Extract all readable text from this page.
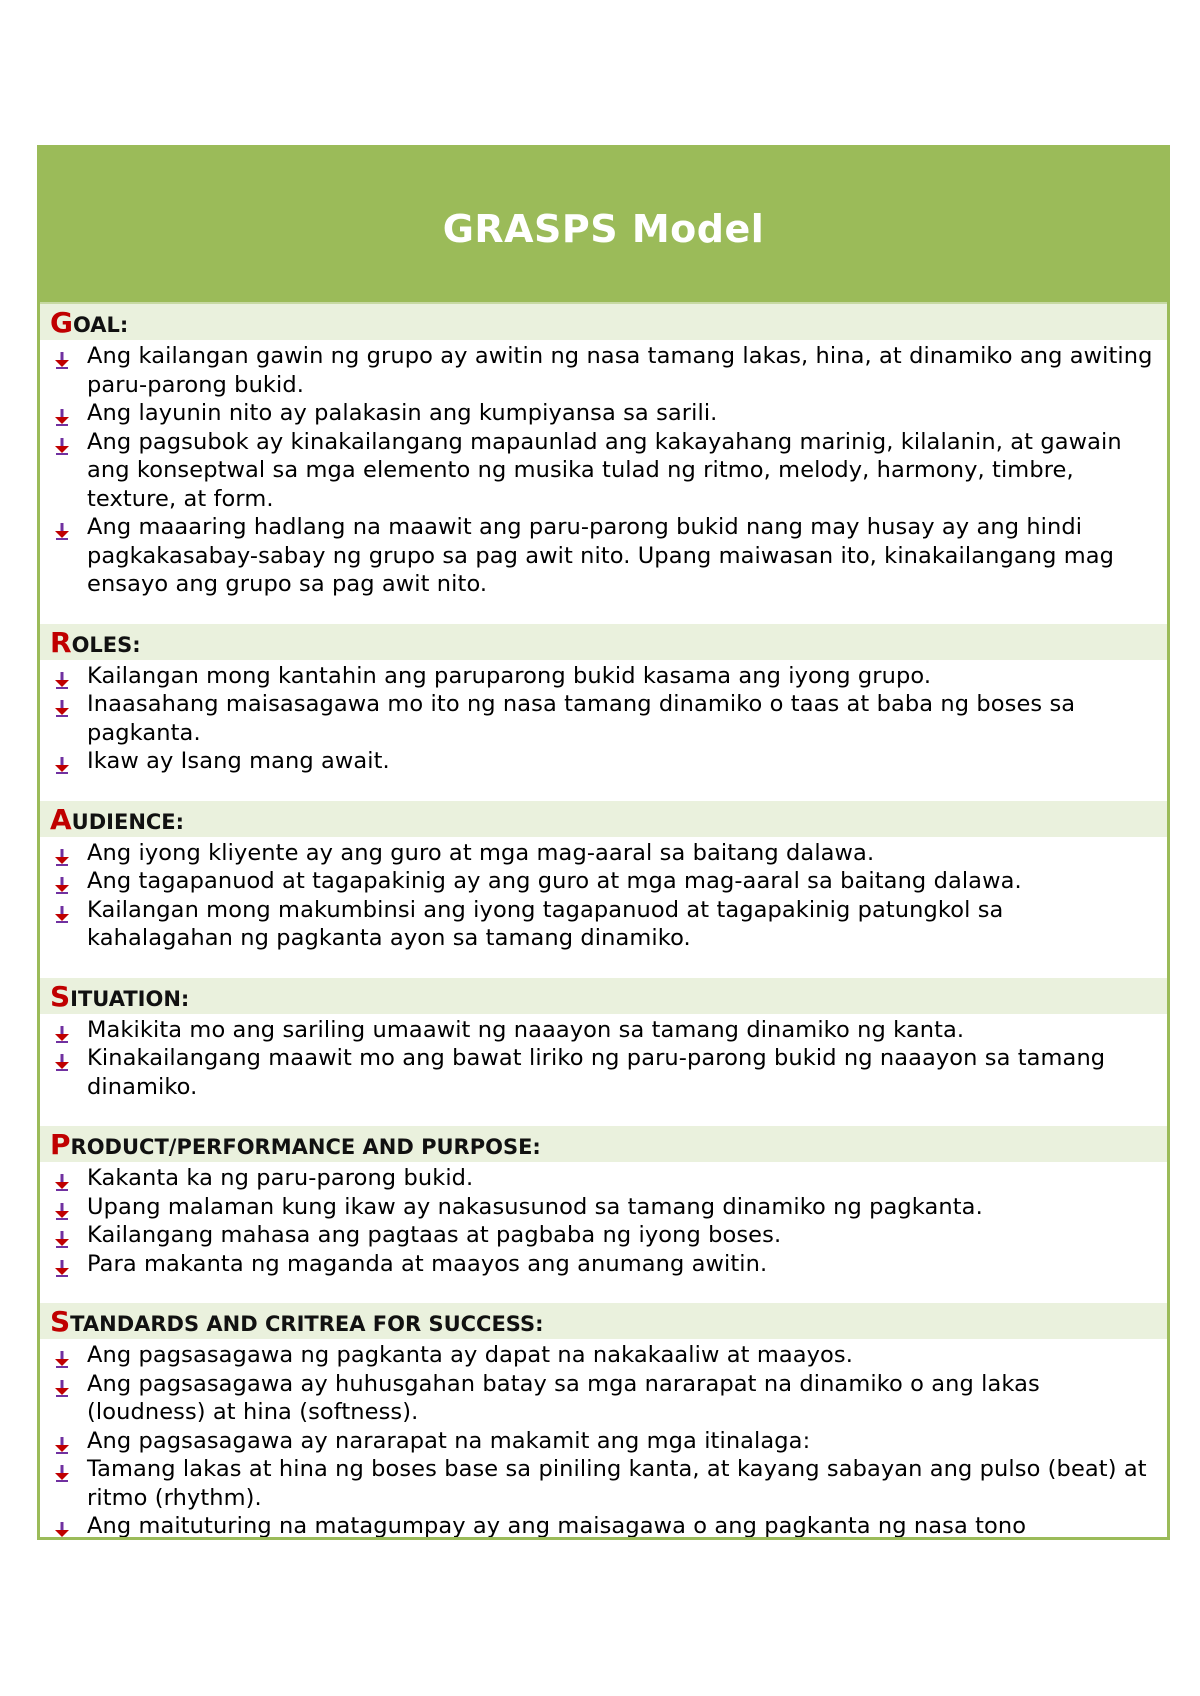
GRASPS Model
G OAL:
Ang kailangan gawin ng grupo ay awitin ng nasa tamang lakas, hina, at dinamiko ang awiting paru-parong bukid.
Ang layunin nito ay palakasin ang kumpiyansa sa sarili.
Ang pagsubok ay kinakailangang mapaunlad ang kakayahang marinig, kilalanin, at gawain ang konseptwal sa mga elemento ng musika tulad ng ritmo, melody, harmony, timbre, texture, at form.
Ang maaaring hadlang na maawit ang paru-parong bukid nang may husay ay ang hindi pagkakasabay-sabay ng grupo sa pag awit nito. Upang maiwasan ito, kinakailangang mag ensayo ang grupo sa pag awit nito.
R OLES:
Kailangan mong kantahin ang paruparong bukid kasama ang iyong grupo.
Inaasahang maisasagawa mo ito ng nasa tamang dinamiko o taas at baba ng boses sa pagkanta.
Ikaw ay Isang mang await.
A UDIENCE:
Ang iyong kliyente ay ang guro at mga mag-aaral sa baitang dalawa.
Ang tagapanuod at tagapakinig ay ang guro at mga mag-aaral sa baitang dalawa.
Kailangan mong makumbinsi ang iyong tagapanuod at tagapakinig patungkol sa kahalagahan ng pagkanta ayon sa tamang dinamiko.
S ITUATION:
Makikita mo ang sariling umaawit ng naaayon sa tamang dinamiko ng kanta.
Kinakailangang maawit mo ang bawat liriko ng paru-parong bukid ng naaayon sa tamang dinamiko.
P RODUCT/PERFORMANCE AND PURPOSE:
Kakanta ka ng paru-parong bukid.
Upang malaman kung ikaw ay nakasusunod sa tamang dinamiko ng pagkanta.
Kailangang mahasa ang pagtaas at pagbaba ng iyong boses.
Para makanta ng maganda at maayos ang anumang awitin.
S TANDARDS AND CRITREA FOR SUCCESS:
Ang pagsasagawa ng pagkanta ay dapat na nakakaaliw at maayos.
Ang pagsasagawa ay huhusgahan batay sa mga nararapat na dinamiko o ang lakas (loudness) at hina (softness).
Ang pagsasagawa ay nararapat na makamit ang mga itinalaga:
Tamang lakas at hina ng boses base sa piniling kanta, at kayang sabayan ang pulso (beat) at ritmo (rhythm).
Ang maituturing na matagumpay ay ang maisagawa o ang pagkanta ng nasa tono
